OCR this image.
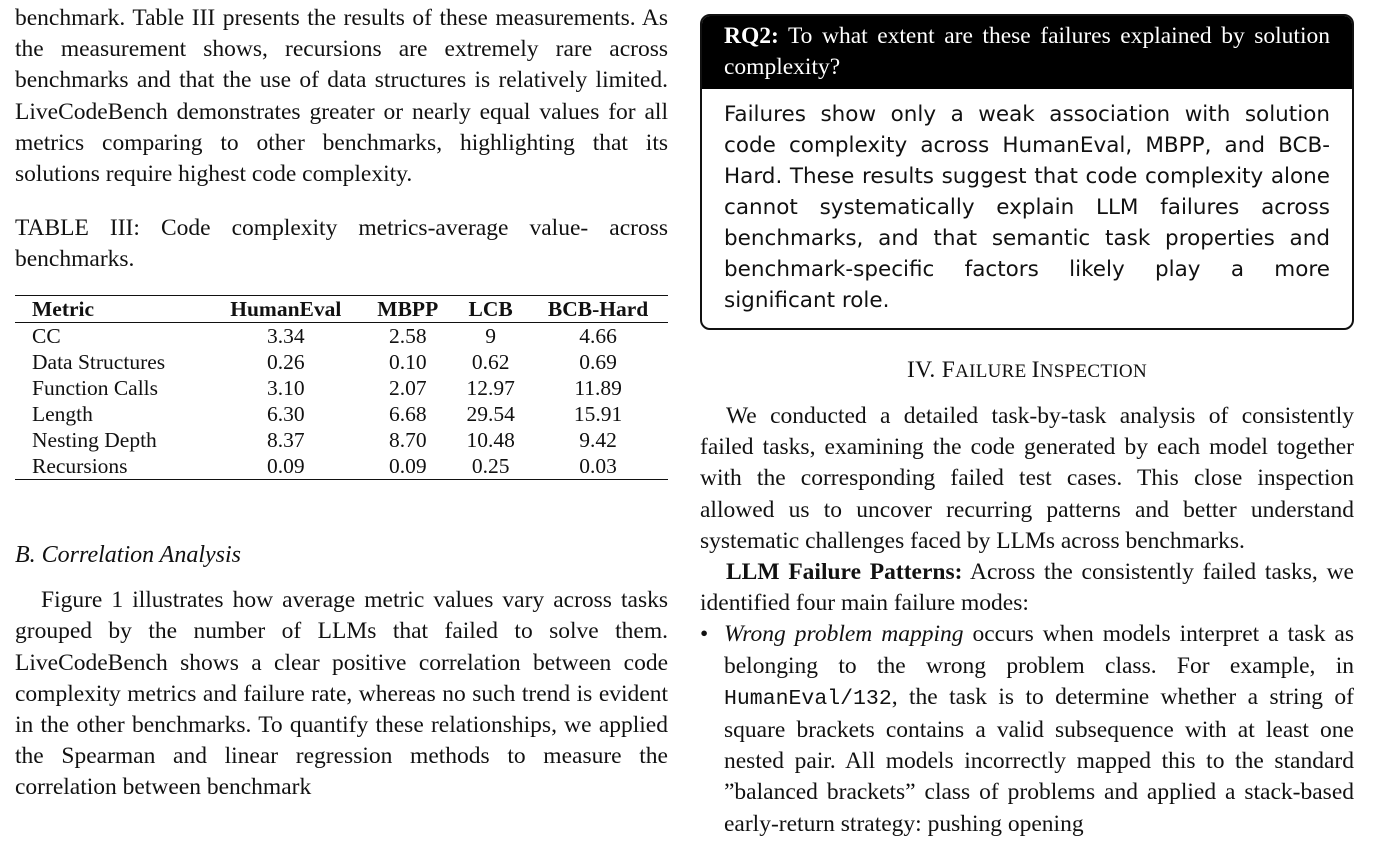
benchmark. Table III presents the results of these measurements. As the measurement shows, recursions are extremely rare across benchmarks and that the use of data structures is relatively limited. LiveCodeBench demonstrates greater or nearly equal values for all metrics comparing to other benchmarks, highlighting that its solutions require highest code complexity.

TABLE III: Code complexity metrics-average value- across benchmarks.
Metric	HumanEval	MBPP	LCB	BCB-Hard
CC	3.34	2.58	9	4.66
Data Structures	0.26	0.10	0.62	0.69
Function Calls	3.10	2.07	12.97	11.89
Length	6.30	6.68	29.54	15.91
Nesting Depth	8.37	8.70	10.48	9.42
Recursions	0.09	0.09	0.25	0.03
B. Correlation Analysis

Figure 1 illustrates how average metric values vary across tasks grouped by the number of LLMs that failed to solve them. LiveCodeBench shows a clear positive correlation between code complexity metrics and failure rate, whereas no such trend is evident in the other benchmarks. To quantify these relationships, we applied the Spearman and linear regression methods to measure the correlation between benchmark

RQ2: To what extent are these failures explained by solution complexity?
Failures show only a weak association with solution code complexity across HumanEval, MBPP, and BCB-Hard. These results suggest that code complexity alone cannot systematically explain LLM failures across benchmarks, and that semantic task properties and benchmark-specific factors likely play a more significant role.
IV. FAILURE INSPECTION

We conducted a detailed task-by-task analysis of consistently failed tasks, examining the code generated by each model together with the corresponding failed test cases. This close inspection allowed us to uncover recurring patterns and better understand systematic challenges faced by LLMs across benchmarks.

LLM Failure Patterns: Across the consistently failed tasks, we identified four main failure modes:

• Wrong problem mapping occurs when models interpret a task as belonging to the wrong problem class. For example, in HumanEval/132, the task is to determine whether a string of square brackets contains a valid subsequence with at least one nested pair. All models incorrectly mapped this to the standard ”balanced brackets” class of problems and applied a stack-based early-return strategy: pushing opening
